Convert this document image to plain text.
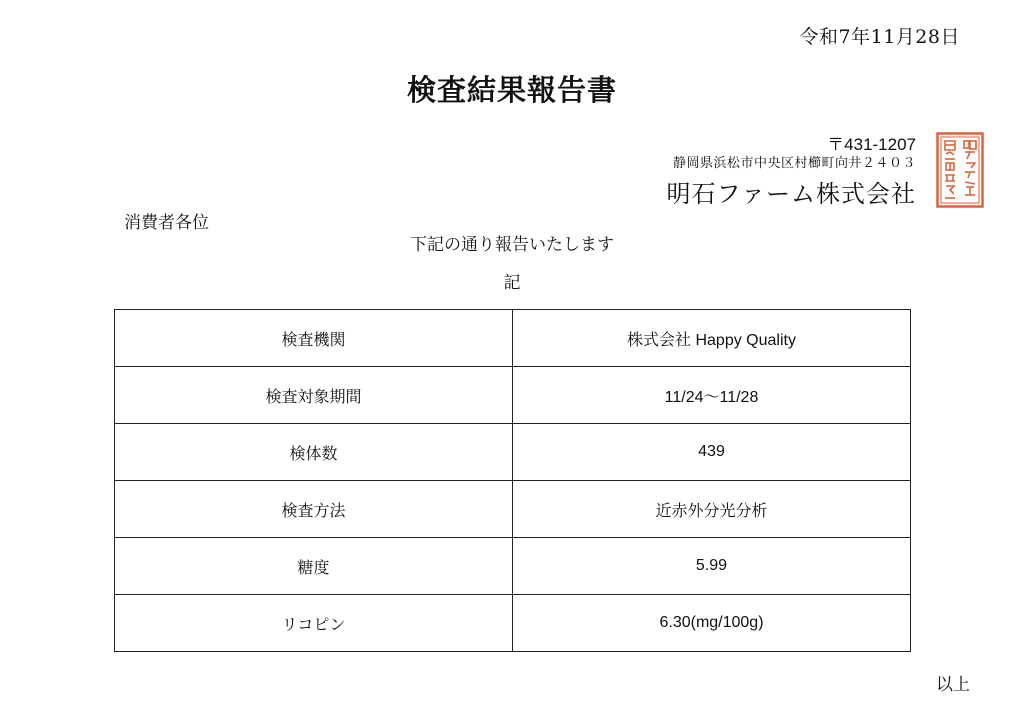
令和7年11月28日
検査結果報告書
〒431-1207
静岡県浜松市中央区村櫛町向井２４０３
明石ファーム株式会社
消費者各位
下記の通り報告いたします
記
検査機関	株式会社 Happy Quality
検査対象期間	11/24〜11/28
検体数	439
検査方法	近赤外分光分析
糖度	5.99
リコピン	6.30(mg/100g)
以上
